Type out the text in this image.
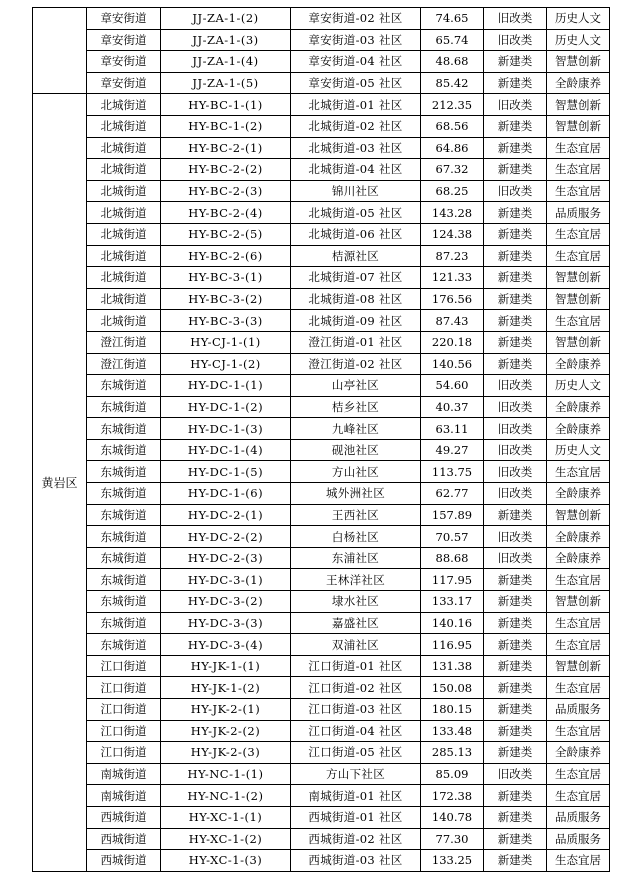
	章安街道	JJ-ZA-1-(2)	章安街道-02 社区	74.65	旧改类	历史人文
	章安街道	JJ-ZA-1-(3)	章安街道-03 社区	65.74	旧改类	历史人文
	章安街道	JJ-ZA-1-(4)	章安街道-04 社区	48.68	新建类	智慧创新
	章安街道	JJ-ZA-1-(5)	章安街道-05 社区	85.42	新建类	全龄康养
黄岩区	北城街道	HY-BC-1-(1)	北城街道-01 社区	212.35	旧改类	智慧创新
	北城街道	HY-BC-1-(2)	北城街道-02 社区	68.56	新建类	智慧创新
	北城街道	HY-BC-2-(1)	北城街道-03 社区	64.86	新建类	生态宜居
	北城街道	HY-BC-2-(2)	北城街道-04 社区	67.32	新建类	生态宜居
	北城街道	HY-BC-2-(3)	锦川社区	68.25	旧改类	生态宜居
	北城街道	HY-BC-2-(4)	北城街道-05 社区	143.28	新建类	品质服务
	北城街道	HY-BC-2-(5)	北城街道-06 社区	124.38	新建类	生态宜居
	北城街道	HY-BC-2-(6)	桔源社区	87.23	新建类	生态宜居
	北城街道	HY-BC-3-(1)	北城街道-07 社区	121.33	新建类	智慧创新
	北城街道	HY-BC-3-(2)	北城街道-08 社区	176.56	新建类	智慧创新
	北城街道	HY-BC-3-(3)	北城街道-09 社区	87.43	新建类	生态宜居
	澄江街道	HY-CJ-1-(1)	澄江街道-01 社区	220.18	新建类	智慧创新
	澄江街道	HY-CJ-1-(2)	澄江街道-02 社区	140.56	新建类	全龄康养
	东城街道	HY-DC-1-(1)	山亭社区	54.60	旧改类	历史人文
	东城街道	HY-DC-1-(2)	桔乡社区	40.37	旧改类	全龄康养
	东城街道	HY-DC-1-(3)	九峰社区	63.11	旧改类	全龄康养
	东城街道	HY-DC-1-(4)	砚池社区	49.27	旧改类	历史人文
	东城街道	HY-DC-1-(5)	方山社区	113.75	旧改类	生态宜居
	东城街道	HY-DC-1-(6)	城外洲社区	62.77	旧改类	全龄康养
	东城街道	HY-DC-2-(1)	王西社区	157.89	新建类	智慧创新
	东城街道	HY-DC-2-(2)	白杨社区	70.57	旧改类	全龄康养
	东城街道	HY-DC-2-(3)	东浦社区	88.68	旧改类	全龄康养
	东城街道	HY-DC-3-(1)	王林洋社区	117.95	新建类	生态宜居
	东城街道	HY-DC-3-(2)	埭水社区	133.17	新建类	智慧创新
	东城街道	HY-DC-3-(3)	嘉盛社区	140.16	新建类	生态宜居
	东城街道	HY-DC-3-(4)	双浦社区	116.95	新建类	生态宜居
	江口街道	HY-JK-1-(1)	江口街道-01 社区	131.38	新建类	智慧创新
	江口街道	HY-JK-1-(2)	江口街道-02 社区	150.08	新建类	生态宜居
	江口街道	HY-JK-2-(1)	江口街道-03 社区	180.15	新建类	品质服务
	江口街道	HY-JK-2-(2)	江口街道-04 社区	133.48	新建类	生态宜居
	江口街道	HY-JK-2-(3)	江口街道-05 社区	285.13	新建类	全龄康养
	南城街道	HY-NC-1-(1)	方山下社区	85.09	旧改类	生态宜居
	南城街道	HY-NC-1-(2)	南城街道-01 社区	172.38	新建类	生态宜居
	西城街道	HY-XC-1-(1)	西城街道-01 社区	140.78	新建类	品质服务
	西城街道	HY-XC-1-(2)	西城街道-02 社区	77.30	新建类	品质服务
	西城街道	HY-XC-1-(3)	西城街道-03 社区	133.25	新建类	生态宜居
